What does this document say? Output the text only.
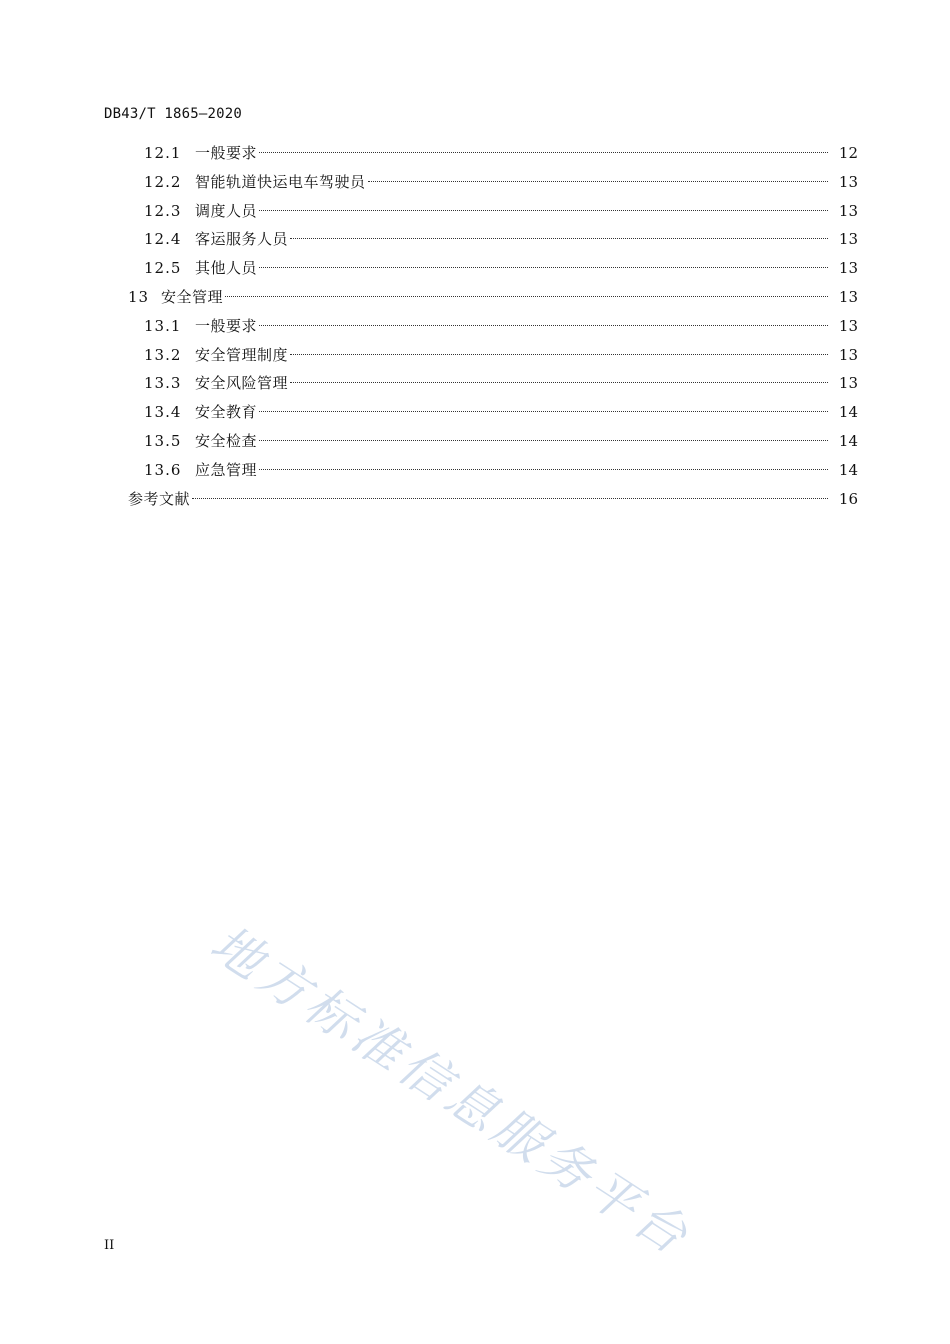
DB43/T 1865—2020
12.1 一般要求	12
12.2 智能轨道快运电车驾驶员	13
12.3 调度人员	13
12.4 客运服务人员	13
12.5 其他人员	13
13 安全管理	13
13.1 一般要求	13
13.2 安全管理制度	13
13.3 安全风险管理	13
13.4 安全教育	14
13.5 安全检查	14
13.6 应急管理	14
参考文献	16
地方标准信息服务平台
II
